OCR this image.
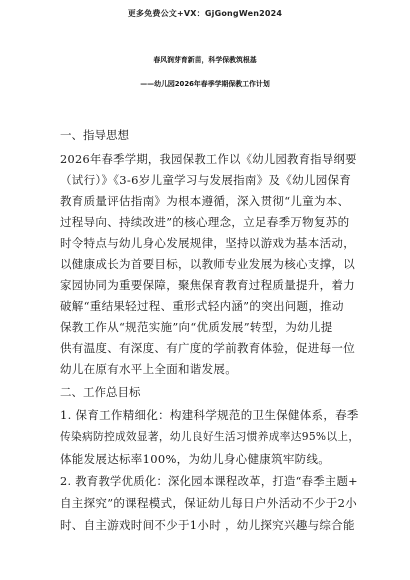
更多免费公文+VX：GjGongWen2024
春风润芽育新苗，科学保教筑根基
——幼儿园2026年春季学期保教工作计划
一、指导思想
2026年春季学期，我园保教工作以《幼儿园教育指导纲要
（试行）》《3-6岁儿童学习与发展指南》及《幼儿园保育
教育质量评估指南》为根本遵循，深入贯彻“儿童为本、
过程导向、持续改进”的核心理念，立足春季万物复苏的
时令特点与幼儿身心发展规律，坚持以游戏为基本活动，
以健康成长为首要目标，以教师专业发展为核心支撑，以
家园协同为重要保障，聚焦保育教育过程质量提升，着力
破解“重结果轻过程、重形式轻内涵”的突出问题，推动
保教工作从“规范实施”向“优质发展”转型，为幼儿提
供有温度、有深度、有广度的学前教育体验，促进每一位
幼儿在原有水平上全面和谐发展。
二、工作总目标
1. 保育工作精细化：构建科学规范的卫生保健体系，春季
传染病防控成效显著，幼儿良好生活习惯养成率达95%以上，
体能发展达标率100%，为幼儿身心健康筑牢防线。
2. 教育教学优质化：深化园本课程改革，打造“春季主题+
自主探究”的课程模式，保证幼儿每日户外活动不少于2小
时、自主游戏时间不少于1小时 ，幼儿探究兴趣与综合能
